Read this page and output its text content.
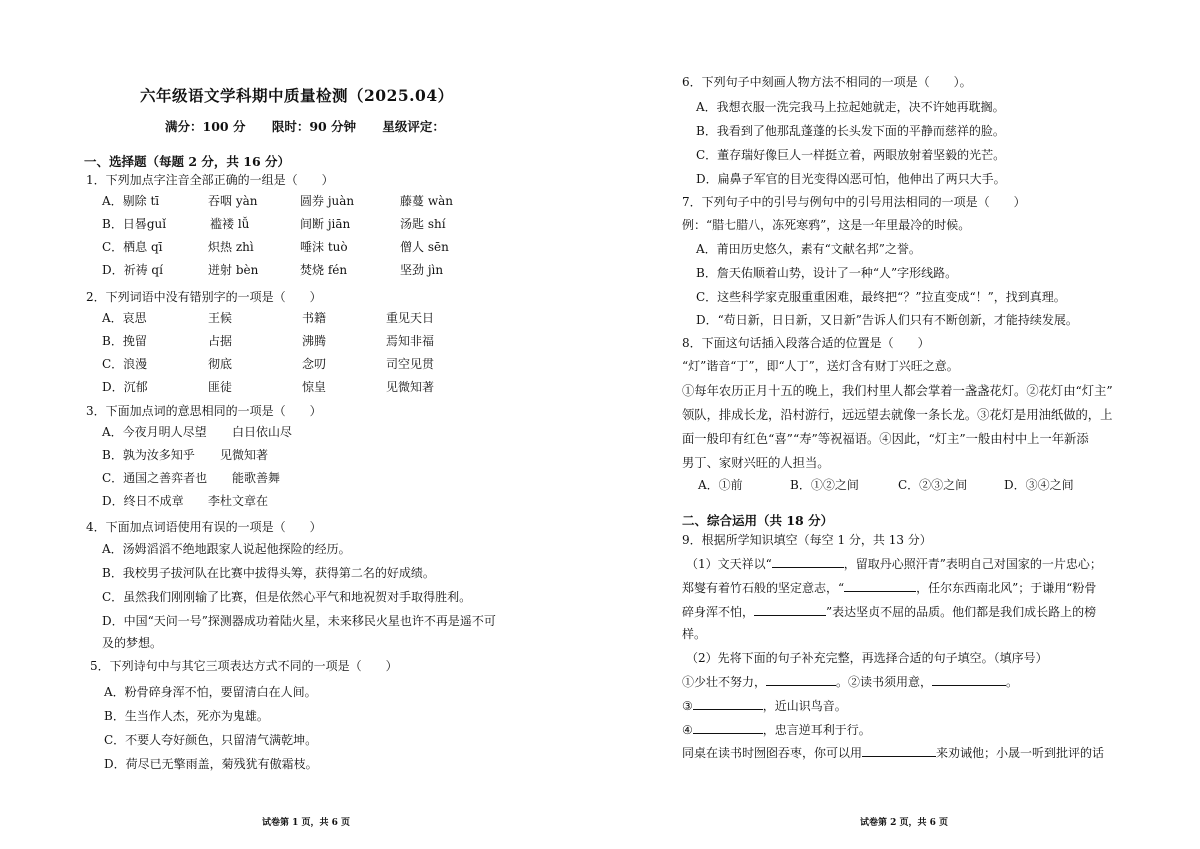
六年级语文学科期中质量检测（2025.04）
满分：100 分 限时：90 分钟 星级评定：
一、选择题（每题 2 分，共 16 分）
1．下列加点字注音全部正确的一组是（　　）
A．剔除 tī	吞咽 yàn	圆券 juàn	藤蔓 wàn
B．日晷guǐ	褴褛 lǚ	间断 jiān	汤匙 shí
C．栖息 qī	炽热 zhì	唾沫 tuò	僧人 sēn
D．祈祷 qí	迸射 bèn	焚烧 fén	坚劲 jìn
2．下列词语中没有错别字的一项是（　　）
A．哀思	王候	书籍	重见天日
B．挽留	占据	沸腾	焉知非福
C．浪漫	彻底	念叨	司空见贯
D．沉郁	匪徒	惊皇	见微知著
3．下面加点词的意思相同的一项是（　　）
A．今夜月明人尽望 白日依山尽
B．孰为汝多知乎 见微知著
C．通国之善弈者也 能歌善舞
D．终日不成章 李杜文章在
4．下面加点词语使用有误的一项是（　　）
A．汤姆滔滔不绝地跟家人说起他探险的经历。
B．我校男子拔河队在比赛中拔得头筹，获得第二名的好成绩。
C．虽然我们刚刚输了比赛，但是依然心平气和地祝贺对手取得胜利。
D．中国“天问一号”探测器成功着陆火星，未来移民火星也许不再是遥不可
及的梦想。
5．下列诗句中与其它三项表达方式不同的一项是（　　）
A．粉骨碎身浑不怕，要留清白在人间。
B．生当作人杰，死亦为鬼雄。
C．不要人夸好颜色，只留清气满乾坤。
D．荷尽已无擎雨盖，菊残犹有傲霜枝。
试卷第 1 页，共 6 页
6．下列句子中刻画人物方法不相同的一项是（　　）。
A．我想衣服一洗完我马上拉起她就走，决不许她再耽搁。
B．我看到了他那乱蓬蓬的长头发下面的平静而慈祥的脸。
C．董存瑞好像巨人一样挺立着，两眼放射着坚毅的光芒。
D．扁鼻子军官的目光变得凶恶可怕，他伸出了两只大手。
7．下列句子中的引号与例句中的引号用法相同的一项是（　　）
例：“腊七腊八，冻死寒鸦”，这是一年里最冷的时候。
A．莆田历史悠久，素有“文献名邦”之誉。
B．詹天佑顺着山势，设计了一种“人”字形线路。
C．这些科学家克服重重困难，最终把“？”拉直变成“！”，找到真理。
D．“苟日新，日日新，又日新”告诉人们只有不断创新，才能持续发展。
8．下面这句话插入段落合适的位置是（　　）
“灯”谐音“丁”，即“人丁”，送灯含有财丁兴旺之意。
①每年农历正月十五的晚上，我们村里人都会掌着一盏盏花灯。②花灯由“灯主”
领队，排成长龙，沿村游行，远远望去就像一条长龙。③花灯是用油纸做的，上
面一般印有红色“喜”“寿”等祝福语。④因此，“灯主”一般由村中上一年新添
男丁、家财兴旺的人担当。
A．①前	B．①②之间	C．②③之间	D．③④之间
二、综合运用（共 18 分）
9．根据所学知识填空（每空 1 分，共 13 分）
（1）文天祥以“	，留取丹心照汗青”表明自己对国家的一片忠心；
郑燮有着竹石般的坚定意志，“	，任尔东西南北风”；于谦用“粉骨
碎身浑不怕，	”表达坚贞不屈的品质。他们都是我们成长路上的榜
样。
（2）先将下面的句子补充完整，再选择合适的句子填空。（填序号）
①少壮不努力，	。②读书须用意，	。
③	，近山识鸟音。
④	，忠言逆耳利于行。
同桌在读书时囫囵吞枣，你可以用	来劝诫他；小晟一听到批评的话
试卷第 2 页，共 6 页
